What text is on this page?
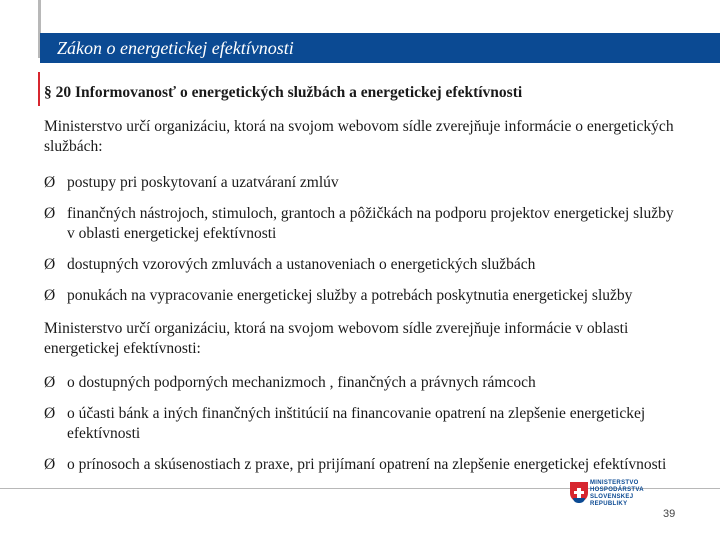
Zákon o energetickej efektívnosti
§ 20 Informovanosť o energetických službách a energetickej efektívnosti

Ministerstvo určí organizáciu, ktorá na svojom webovom sídle zverejňuje informácie o energetických službách:

Ø postupy pri poskytovaní a uzatváraní zmlúv
Ø finančných nástrojoch, stimuloch, grantoch a pôžičkách na podporu projektov energetickej služby v oblasti energetickej efektívnosti
Ø dostupných vzorových zmluvách a ustanoveniach o energetických službách
Ø ponukách na vypracovanie energetickej služby a potrebách poskytnutia energetickej služby

Ministerstvo určí organizáciu, ktorá na svojom webovom sídle zverejňuje informácie v oblasti energetickej efektívnosti:

Ø o dostupných podporných mechanizmoch , finančných a právnych rámcoch
Ø o účasti bánk a iných finančných inštitúcií na financovanie opatrení na zlepšenie energetickej efektívnosti
Ø o prínosoch a skúsenostiach z praxe, pri prijímaní opatrení na zlepšenie energetickej efektívnosti
MINISTERSTVO
HOSPODÁRSTVA
SLOVENSKEJ REPUBLIKY
39
